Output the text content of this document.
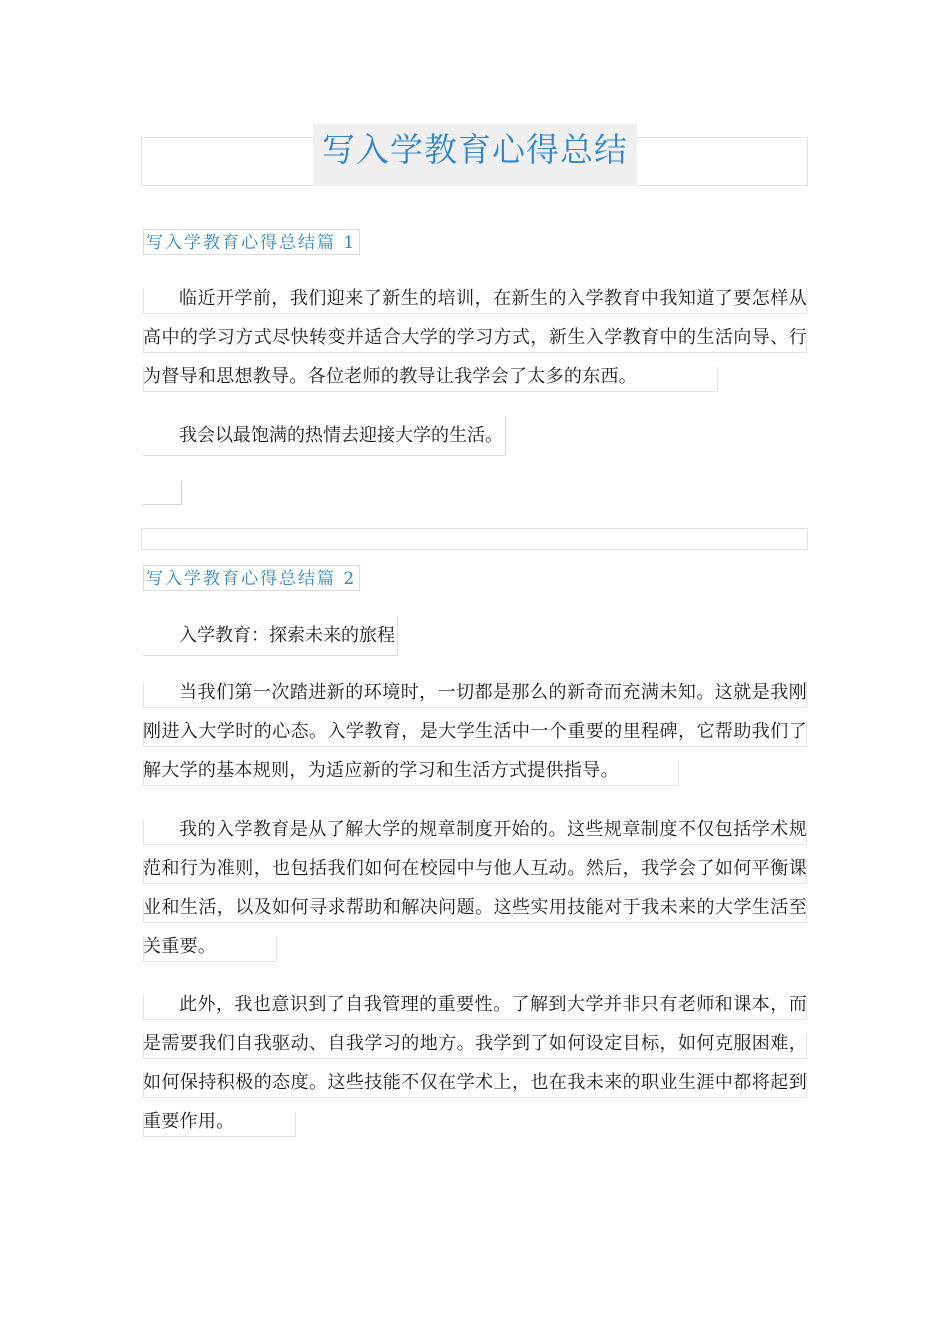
写入学教育心得总结
写入学教育心得总结篇 1
临近开学前，我们迎来了新生的培训，在新生的入学教育中我知道了要怎样从高中的学习方式尽快转变并适合大学的学习方式，新生入学教育中的生活向导、行为督导和思想教导。各位老师的教导让我学会了太多的东西。
我会以最饱满的热情去迎接大学的生活。
写入学教育心得总结篇 2
入学教育：探索未来的旅程
当我们第一次踏进新的环境时，一切都是那么的新奇而充满未知。这就是我刚刚进入大学时的心态。入学教育，是大学生活中一个重要的里程碑，它帮助我们了解大学的基本规则，为适应新的学习和生活方式提供指导。
我的入学教育是从了解大学的规章制度开始的。这些规章制度不仅包括学术规范和行为准则，也包括我们如何在校园中与他人互动。然后，我学会了如何平衡课业和生活，以及如何寻求帮助和解决问题。这些实用技能对于我未来的大学生活至关重要。
此外，我也意识到了自我管理的重要性。了解到大学并非只有老师和课本，而是需要我们自我驱动、自我学习的地方。我学到了如何设定目标，如何克服困难，如何保持积极的态度。这些技能不仅在学术上，也在我未来的职业生涯中都将起到重要作用。
